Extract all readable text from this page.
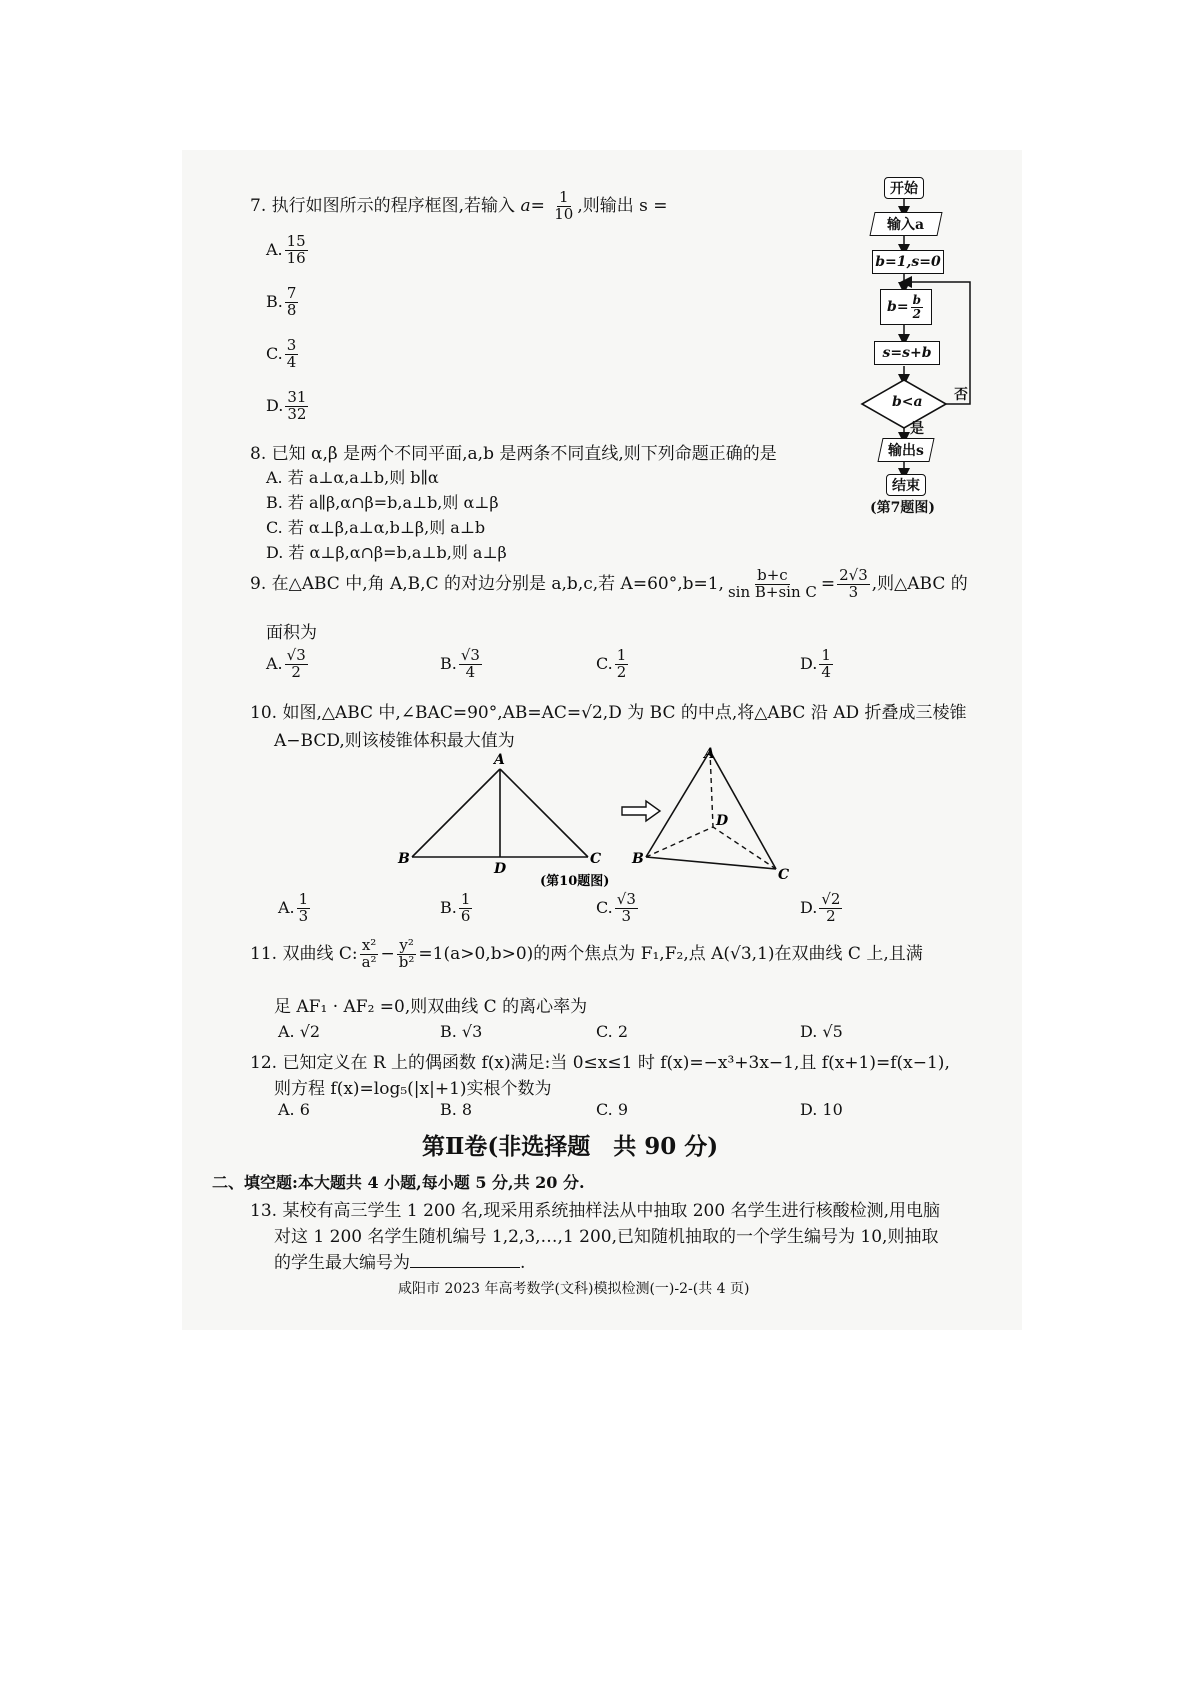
7. 执行如图所示的程序框图,若输入 $a= \frac{1}{10}$ ,则输出 s =
A. $\frac{15}{16}$
B. $\frac{7}{8}$
C. $\frac{3}{4}$
D. $\frac{31}{32}$
开始
输入a
b=1,s=0
$b= \frac{b}{2}$
s=s+b
b<a 否
是
输出s
结束
(第7题图)
8. 已知 α,β 是两个不同平面,a,b 是两条不同直线,则下列命题正确的是
A. 若 a⊥α,a⊥b,则 b∥α
B. 若 a∥β,α∩β=b,a⊥b,则 α⊥β
C. 若 α⊥β,a⊥α,b⊥β,则 a⊥b
D. 若 α⊥β,α∩β=b,a⊥b,则 a⊥β
9. 在△ABC 中,角 A,B,C 的对边分别是 a,b,c,若 A=60°,b=1, $\frac{b+c}{\text{sin B+sin C}} = \frac{2√3}{3}$ ,则△ABC 的
面积为
A. $\frac{√3}{2}$	B. $\frac{√3}{4}$	C. $\frac{1}{2}$	D. $\frac{1}{4}$
10. 如图,△ABC 中,∠BAC=90°,AB=AC=√2,D 为 BC 的中点,将△ABC 沿 AD 折叠成三棱锥
A−BCD,则该棱锥体积最大值为
A
B	C
D
A
B
C
D
(第10题图)
A. $\frac{1}{3}$	B. $\frac{1}{6}$	C. $\frac{√3}{3}$	D. $\frac{√2}{2}$
11. 双曲线 C: $\frac{\text{x²}}{\text{a²}} - \frac{\text{y²}}{\text{b²}} =1(a>0,b>0)$的两个焦点为 F₁,F₂,点 A(√3,1)在双曲线 C 上,且满
足 AF₁ · AF₂ =0,则双曲线 C 的离心率为
A. √2	B. √3	C. 2	D. √5
12. 已知定义在 R 上的偶函数 f(x)满足:当 0≤x≤1 时 f(x)=−x³+3x−1,且 f(x+1)=f(x−1),
则方程 f(x)=log₅(|x|+1)实根个数为
A. 6	B. 8	C. 9	D. 10
第Ⅱ卷(非选择题　共 90 分)
二、填空题:本大题共 4 小题,每小题 5 分,共 20 分.
13. 某校有高三学生 1 200 名,现采用系统抽样法从中抽取 200 名学生进行核酸检测,用电脑
对这 1 200 名学生随机编号 1,2,3,…,1 200,已知随机抽取的一个学生编号为 10,则抽取
的学生最大编号为	.
咸阳市 2023 年高考数学(文科)模拟检测(一)-2-(共 4 页)
